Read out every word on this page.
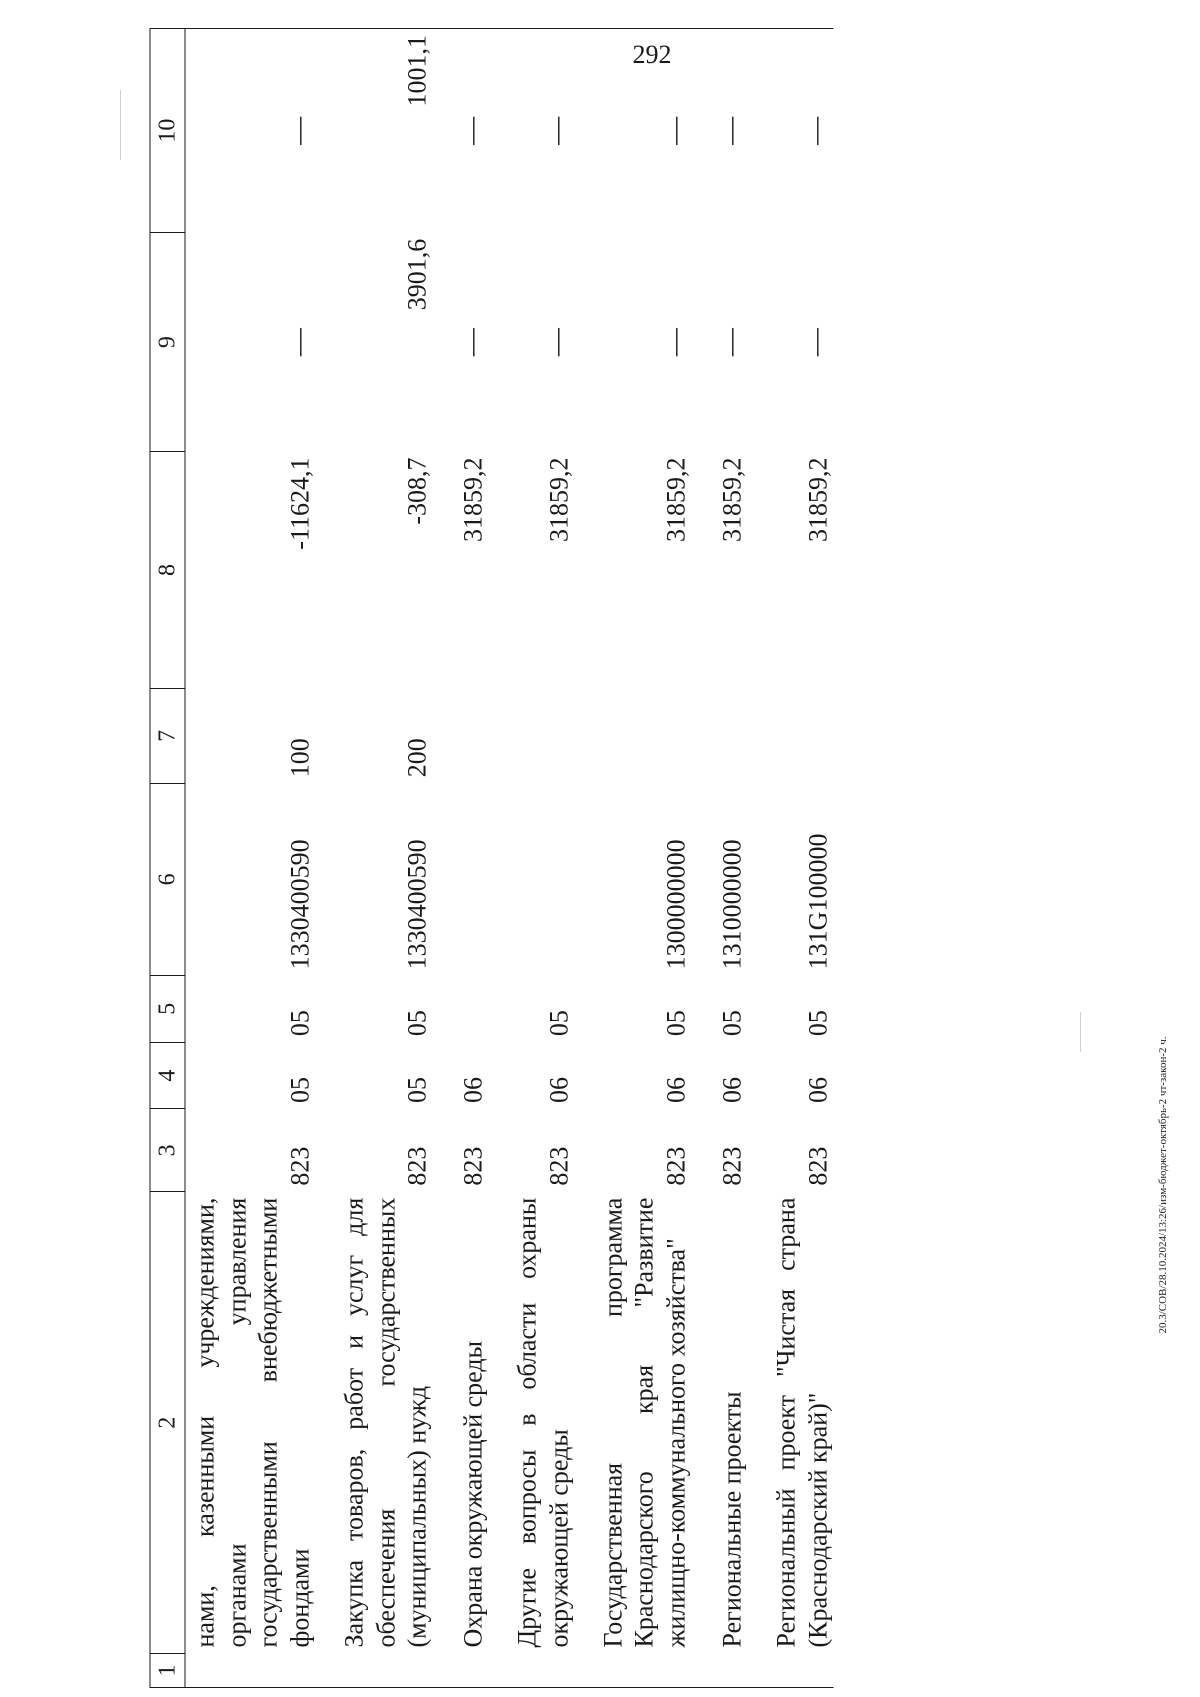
292
1	2	3	4	5	6	7	8	9	10
	нами, казенными учреждениями, органами управления государственными внебюджетными фондами	823	05	05	1330400590	100	-11624,1	—	—
	Закупка товаров, работ и услуг для обеспечения государственных (муниципальных) нужд	823	05	05	1330400590	200	-308,7	3901,6	1001,1
	Охрана окружающей среды	823	06				31859,2	—	—
	Другие вопросы в области охраны окружающей среды	823	06	05			31859,2	—	—
	Государственная программа Краснодарского края "Развитие жилищно-коммунального хозяйства"	823	06	05	1300000000		31859,2	—	—
	Региональные проекты	823	06	05	1310000000		31859,2	—	—
	Региональный проект "Чистая страна (Краснодарский край)"	823	06	05	131G100000		31859,2	—	—
20.3/СОВ/28.10.2024/13:26/изм-бюджет-октябрь-2 чт-закон-2 ч.
